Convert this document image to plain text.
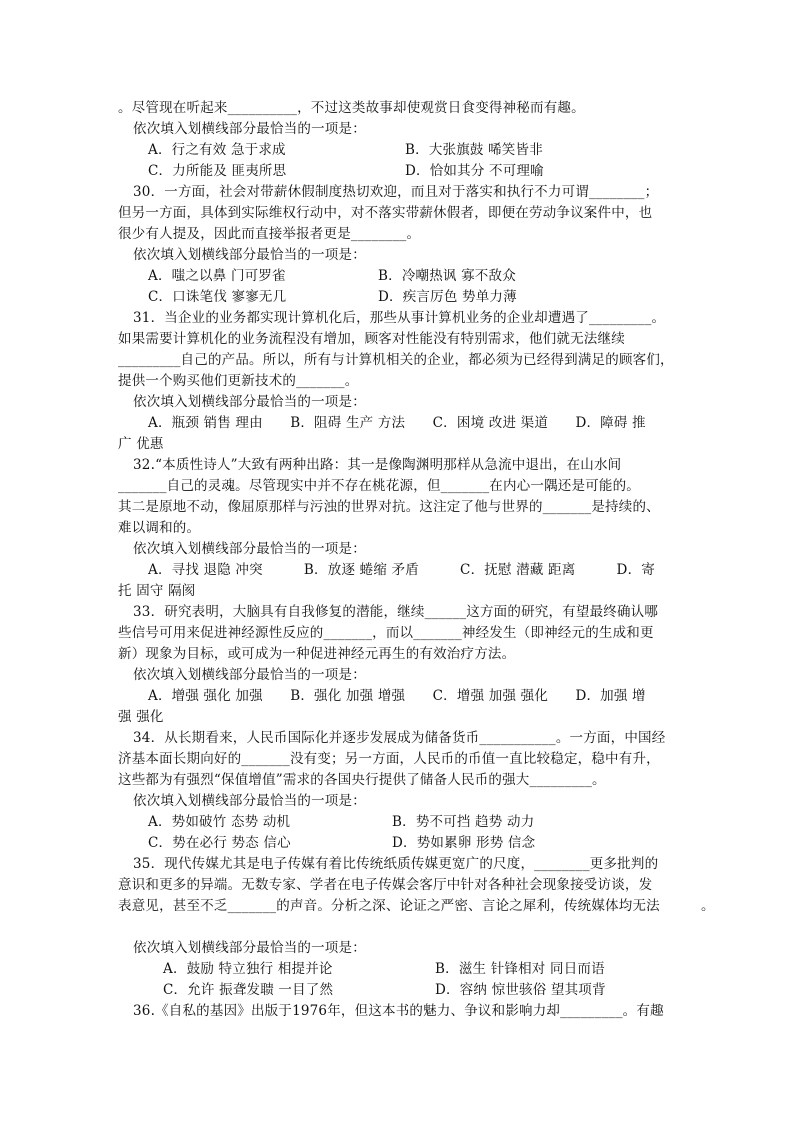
。尽管现在听起来__________，不过这类故事却使观赏日食变得神秘而有趣。
依次填入划横线部分最恰当的一项是：
A．行之有效 急于求成	B．大张旗鼓 唏笑皆非
C．力所能及 匪夷所思	D．恰如其分 不可理喻
30．一方面，社会对带薪休假制度热切欢迎，而且对于落实和执行不力可谓________；
但另一方面，具体到实际维权行动中，对不落实带薪休假者，即便在劳动争议案件中，也
很少有人提及，因此而直接举报者更是________。
依次填入划横线部分最恰当的一项是：
A．嗤之以鼻 门可罗雀	B．冷嘲热讽 寡不敌众
C．口诛笔伐 寥寥无几	D．疾言厉色 势单力薄
31．当企业的业务都实现计算机化后，那些从事计算机业务的企业却遭遇了_________。
如果需要计算机化的业务流程没有增加，顾客对性能没有特别需求，他们就无法继续
_________自己的产品。所以，所有与计算机相关的企业，都必须为已经得到满足的顾客们，
提供一个购买他们更新技术的_______。
依次填入划横线部分最恰当的一项是：
A．瓶颈 销售 理由　　B．阻碍 生产 方法　　C．困境 改进 渠道　　D．障碍 推
广 优惠
32.“本质性诗人”大致有两种出路：其一是像陶渊明那样从急流中退出，在山水间
_______自己的灵魂。尽管现实中并不存在桃花源，但_______在内心一隅还是可能的。
其二是原地不动，像屈原那样与污浊的世界对抗。这注定了他与世界的_______是持续的、
难以调和的。
依次填入划横线部分最恰当的一项是：
A．寻找 退隐 冲突　　　B．放逐 蜷缩 矛盾　　　C．抚慰 潜藏 距离　　　D．寄
托 固守 隔阂
33．研究表明，大脑具有自我修复的潜能，继续______这方面的研究，有望最终确认哪
些信号可用来促进神经源性反应的_______，而以_______神经发生（即神经元的生成和更
新）现象为目标，或可成为一种促进神经元再生的有效治疗方法。
依次填入划横线部分最恰当的一项是：
A．增强 强化 加强　　B．强化 加强 增强　　C．增强 加强 强化　　D．加强 增
强 强化
34．从长期看来，人民币国际化并逐步发展成为储备货币___________。一方面，中国经
济基本面长期向好的_______没有变；另一方面，人民币的币值一直比较稳定，稳中有升，
这些都为有强烈“保值增值”需求的各国央行提供了储备人民币的强大_________。
依次填入划横线部分最恰当的一项是：
A．势如破竹 态势 动机	B．势不可挡 趋势 动力
C．势在必行 势态 信心	D．势如累卵 形势 信念
35．现代传媒尤其是电子传媒有着比传统纸质传媒更宽广的尺度，________更多批判的
意识和更多的异端。无数专家、学者在电子传媒会客厅中针对各种社会现象接受访谈，发
表意见，甚至不乏_______的声音。分析之深、论证之严密、言论之犀利，传统媒体均无法　　　。
依次填入划横线部分最恰当的一项是：
A．鼓励 特立独行 相提并论	B．滋生 针锋相对 同日而语
C．允许 振聋发聩 一目了然	D．容纳 惊世骇俗 望其项背
36.《自私的基因》出版于1976年，但这本书的魅力、争议和影响力却_________。有趣
